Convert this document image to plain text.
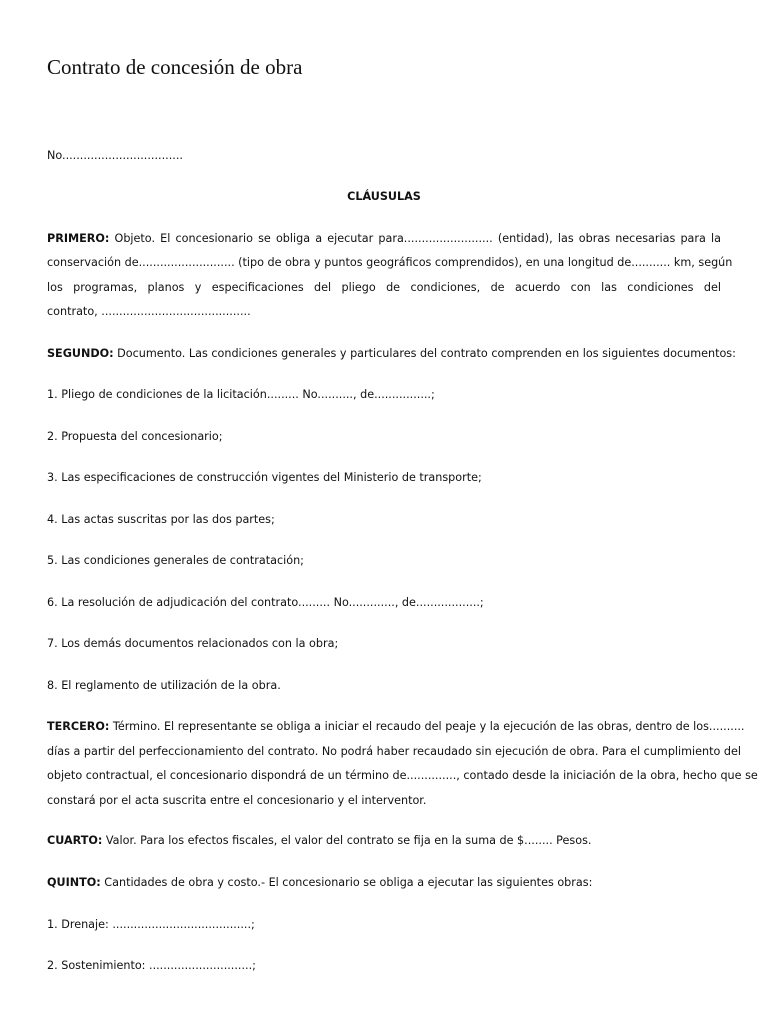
Contrato de concesión de obra

No..................................

CLÁUSULAS

PRIMERO: Objeto. El concesionario se obliga a ejecutar para......................... (entidad), las obras necesarias para la

conservación de........................... (tipo de obra y puntos geográficos comprendidos), en una longitud de........... km, según

los programas, planos y especificaciones del pliego de condiciones, de acuerdo con las condiciones del

contrato, ..........................................

SEGUNDO: Documento. Las condiciones generales y particulares del contrato comprenden en los siguientes documentos:

1. Pliego de condiciones de la licitación......... No.........., de................;

2. Propuesta del concesionario;

3. Las especificaciones de construcción vigentes del Ministerio de transporte;

4. Las actas suscritas por las dos partes;

5. Las condiciones generales de contratación;

6. La resolución de adjudicación del contrato......... No............., de..................;

7. Los demás documentos relacionados con la obra;

8. El reglamento de utilización de la obra.

TERCERO: Término. El representante se obliga a iniciar el recaudo del peaje y la ejecución de las obras, dentro de los..........

días a partir del perfeccionamiento del contrato. No podrá haber recaudado sin ejecución de obra. Para el cumplimiento del

objeto contractual, el concesionario dispondrá de un término de.............., contado desde la iniciación de la obra, hecho que se

constará por el acta suscrita entre el concesionario y el interventor.

CUARTO: Valor. Para los efectos fiscales, el valor del contrato se fija en la suma de $........ Pesos.

QUINTO: Cantidades de obra y costo.- El concesionario se obliga a ejecutar las siguientes obras:

1. Drenaje: .......................................;

2. Sostenimiento: .............................;
